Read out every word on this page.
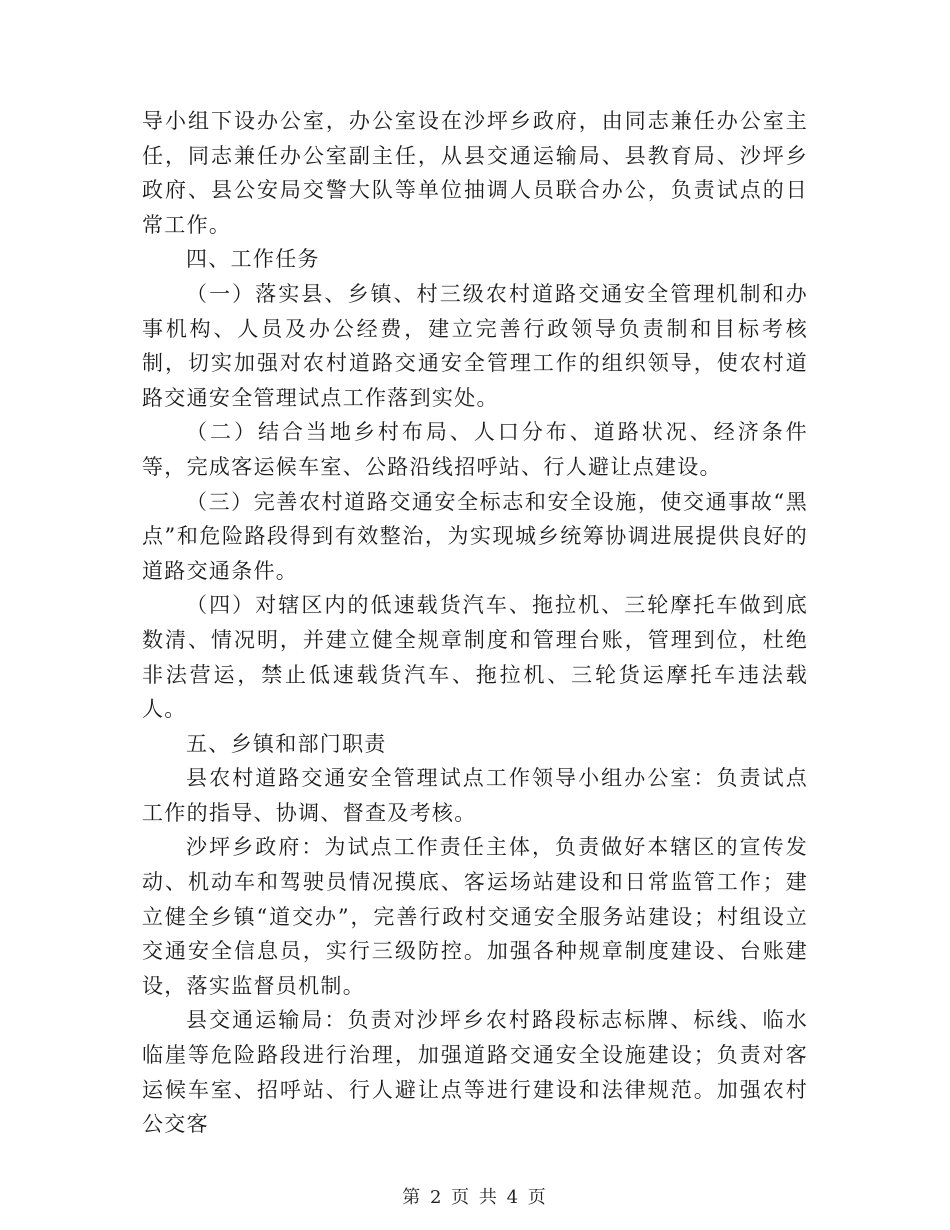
导小组下设办公室，办公室设在沙坪乡政府，由同志兼任办公室主任，同志兼任办公室副主任，从县交通运输局、县教育局、沙坪乡政府、县公安局交警大队等单位抽调人员联合办公，负责试点的日常工作。

四、工作任务

（一）落实县、乡镇、村三级农村道路交通安全管理机制和办事机构、人员及办公经费，建立完善行政领导负责制和目标考核制，切实加强对农村道路交通安全管理工作的组织领导，使农村道路交通安全管理试点工作落到实处。

（二）结合当地乡村布局、人口分布、道路状况、经济条件等，完成客运候车室、公路沿线招呼站、行人避让点建设。

（三）完善农村道路交通安全标志和安全设施，使交通事故“黑点”和危险路段得到有效整治，为实现城乡统筹协调进展提供良好的道路交通条件。

（四）对辖区内的低速载货汽车、拖拉机、三轮摩托车做到底数清、情况明，并建立健全规章制度和管理台账，管理到位，杜绝非法营运，禁止低速载货汽车、拖拉机、三轮货运摩托车违法载人。

五、乡镇和部门职责

县农村道路交通安全管理试点工作领导小组办公室：负责试点工作的指导、协调、督查及考核。

沙坪乡政府：为试点工作责任主体，负责做好本辖区的宣传发动、机动车和驾驶员情况摸底、客运场站建设和日常监管工作；建立健全乡镇“道交办”，完善行政村交通安全服务站建设；村组设立交通安全信息员，实行三级防控。加强各种规章制度建设、台账建设，落实监督员机制。

县交通运输局：负责对沙坪乡农村路段标志标牌、标线、临水临崖等危险路段进行治理，加强道路交通安全设施建设；负责对客运候车室、招呼站、行人避让点等进行建设和法律规范。加强农村公交客

第 2 页 共 4 页
